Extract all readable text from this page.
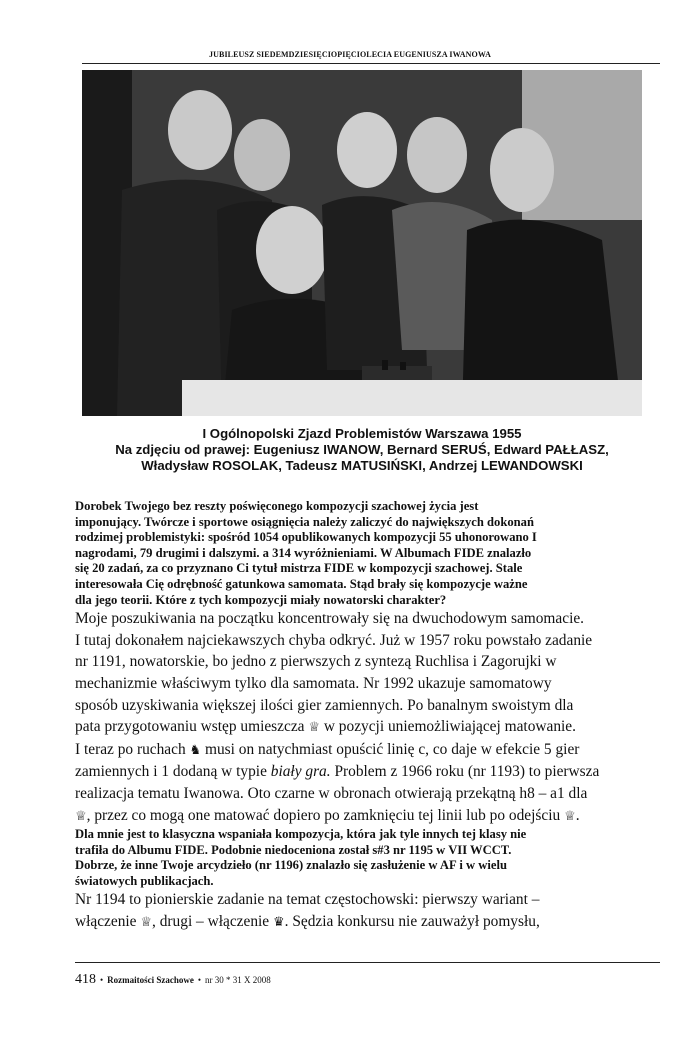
JUBILEUSZ SIEDEMDZIESIĘCIOPIĘCIOLECIA EUGENIUSZA IWANOWA
I Ogólnopolski Zjazd Problemistów Warszawa 1955
Na zdjęciu od prawej: Eugeniusz IWANOW, Bernard SERUŚ, Edward PAŁŁASZ,
Władysław ROSOLAK, Tadeusz MATUSIŃSKI, Andrzej LEWANDOWSKI
Dorobek Twojego bez reszty poświęconego kompozycji szachowej życia jest
imponujący. Twórcze i sportowe osiągnięcia należy zaliczyć do największych dokonań
rodzimej problemistyki: spośród 1054 opublikowanych kompozycji 55 uhonorowano I
nagrodami, 79 drugimi i dalszymi. a 314 wyróżnieniami. W Albumach FIDE znalazło
się 20 zadań, za co przyznano Ci tytuł mistrza FIDE w kompozycji szachowej. Stale
interesowała Cię odrębność gatunkowa samomata. Stąd brały się kompozycje ważne
dla jego teorii. Które z tych kompozycji miały nowatorski charakter?
Moje poszukiwania na początku koncentrowały się na dwuchodowym samomacie.
I tutaj dokonałem najciekawszych chyba odkryć. Już w 1957 roku powstało zadanie
nr 1191, nowatorskie, bo jedno z pierwszych z syntezą Ruchlisa i Zagorujki w
mechanizmie właściwym tylko dla samomata. Nr 1992 ukazuje samomatowy
sposób uzyskiwania większej ilości gier zamiennych. Po banalnym swoistym dla
pata przygotowaniu wstęp umieszcza ♕ w pozycji uniemożliwiającej matowanie.
I teraz po ruchach ♞ musi on natychmiast opuścić linię c, co daje w efekcie 5 gier
zamiennych i 1 dodaną w typie biały gra. Problem z 1966 roku (nr 1193) to pierwsza
realizacja tematu Iwanowa. Oto czarne w obronach otwierają przekątną h8 – a1 dla
♕, przez co mogą one matować dopiero po zamknięciu tej linii lub po odejściu ♕.
Dla mnie jest to klasyczna wspaniała kompozycja, która jak tyle innych tej klasy nie
trafiła do Albumu FIDE. Podobnie niedoceniona został s#3 nr 1195 w VII WCCT.
Dobrze, że inne Twoje arcydzieło (nr 1196) znalazło się zasłużenie w AF i w wielu
światowych publikacjach.
Nr 1194 to pionierskie zadanie na temat częstochowski: pierwszy wariant –
włączenie ♕, drugi – włączenie ♛. Sędzia konkursu nie zauważył pomysłu,
418 • Rozmaitości Szachowe • nr 30 * 31 X 2008
